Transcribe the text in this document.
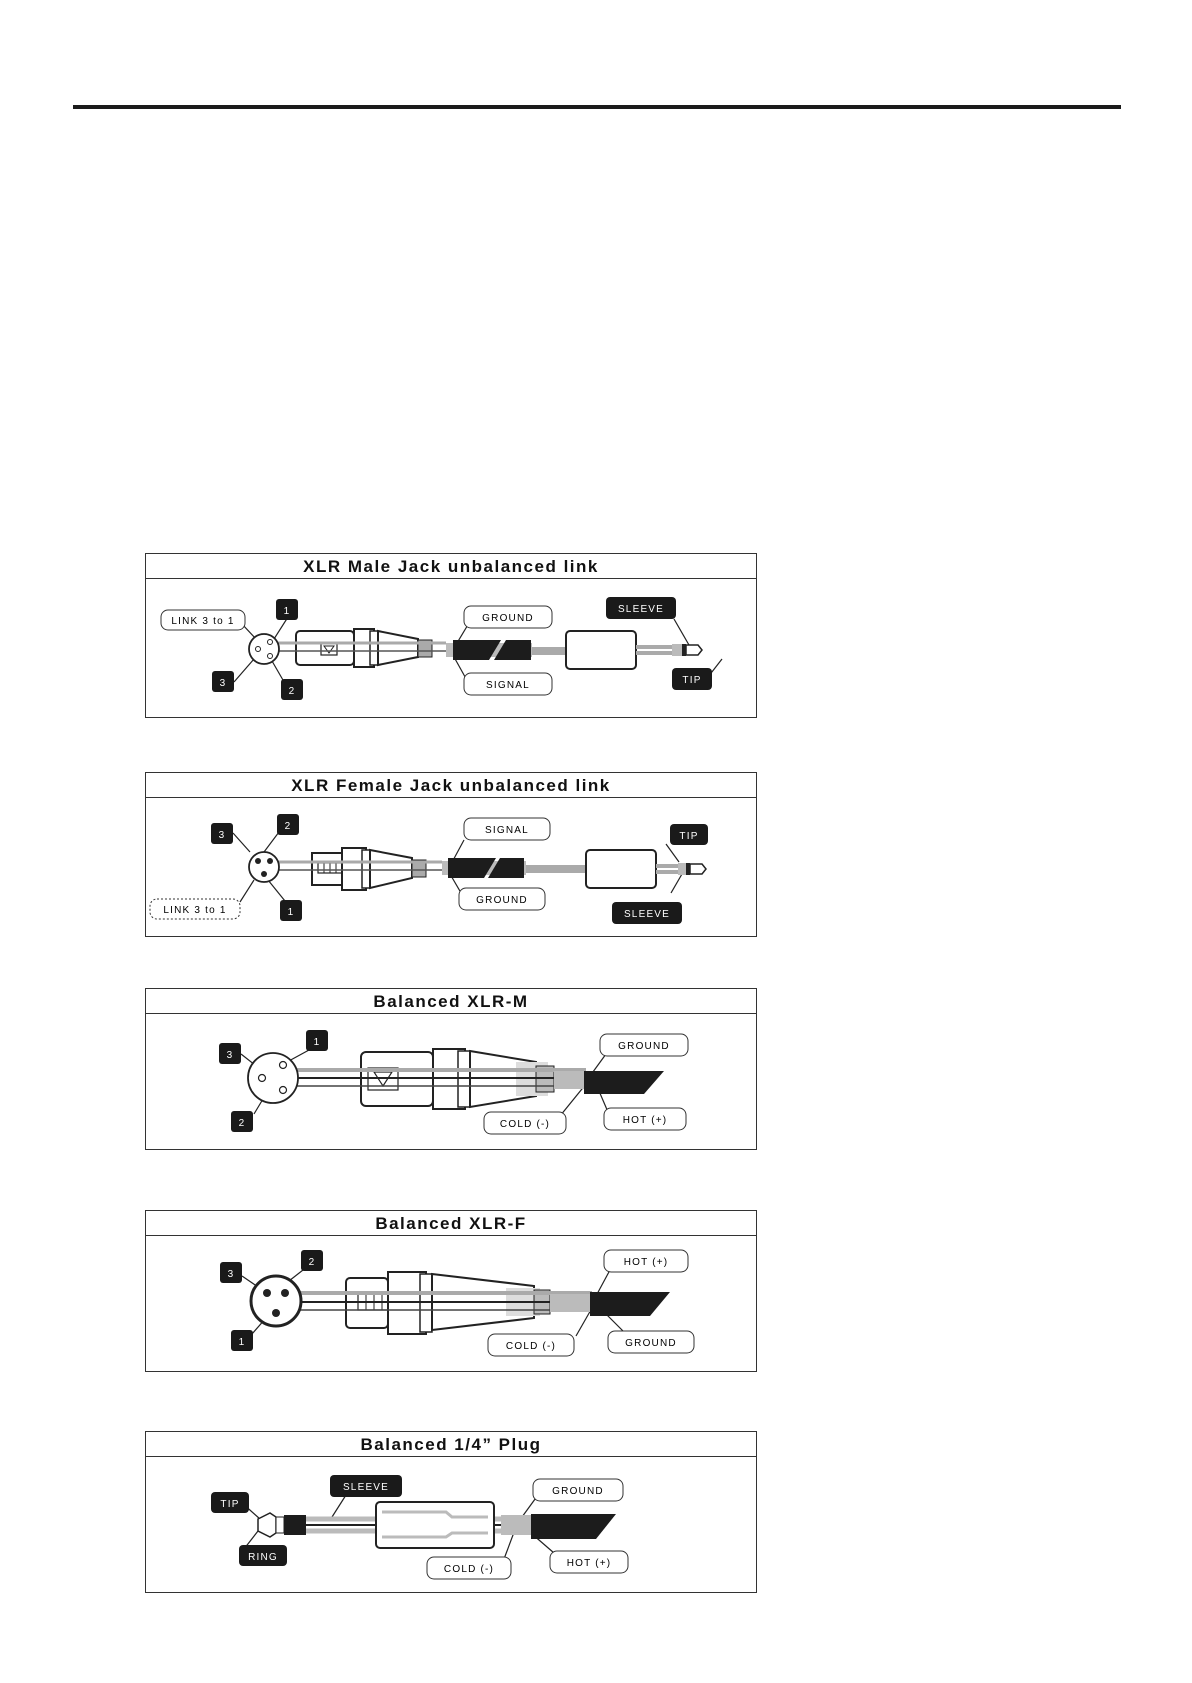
XLR Male Jack unbalanced link
LINK 3 to 1
1
3
2
GROUND
SIGNAL
SLEEVE
TIP
XLR Female Jack unbalanced link
LINK 3 to 1
3
2
1
SIGNAL
GROUND
TIP
SLEEVE
Balanced XLR-M
3
1
2
GROUND
COLD (-)	HOT (+)
Balanced XLR-F
3
2
1
HOT (+)
COLD (-)	GROUND
Balanced 1/4” Plug
SLEEVE
TIP
RING
GROUND
COLD (-)
HOT (+)
